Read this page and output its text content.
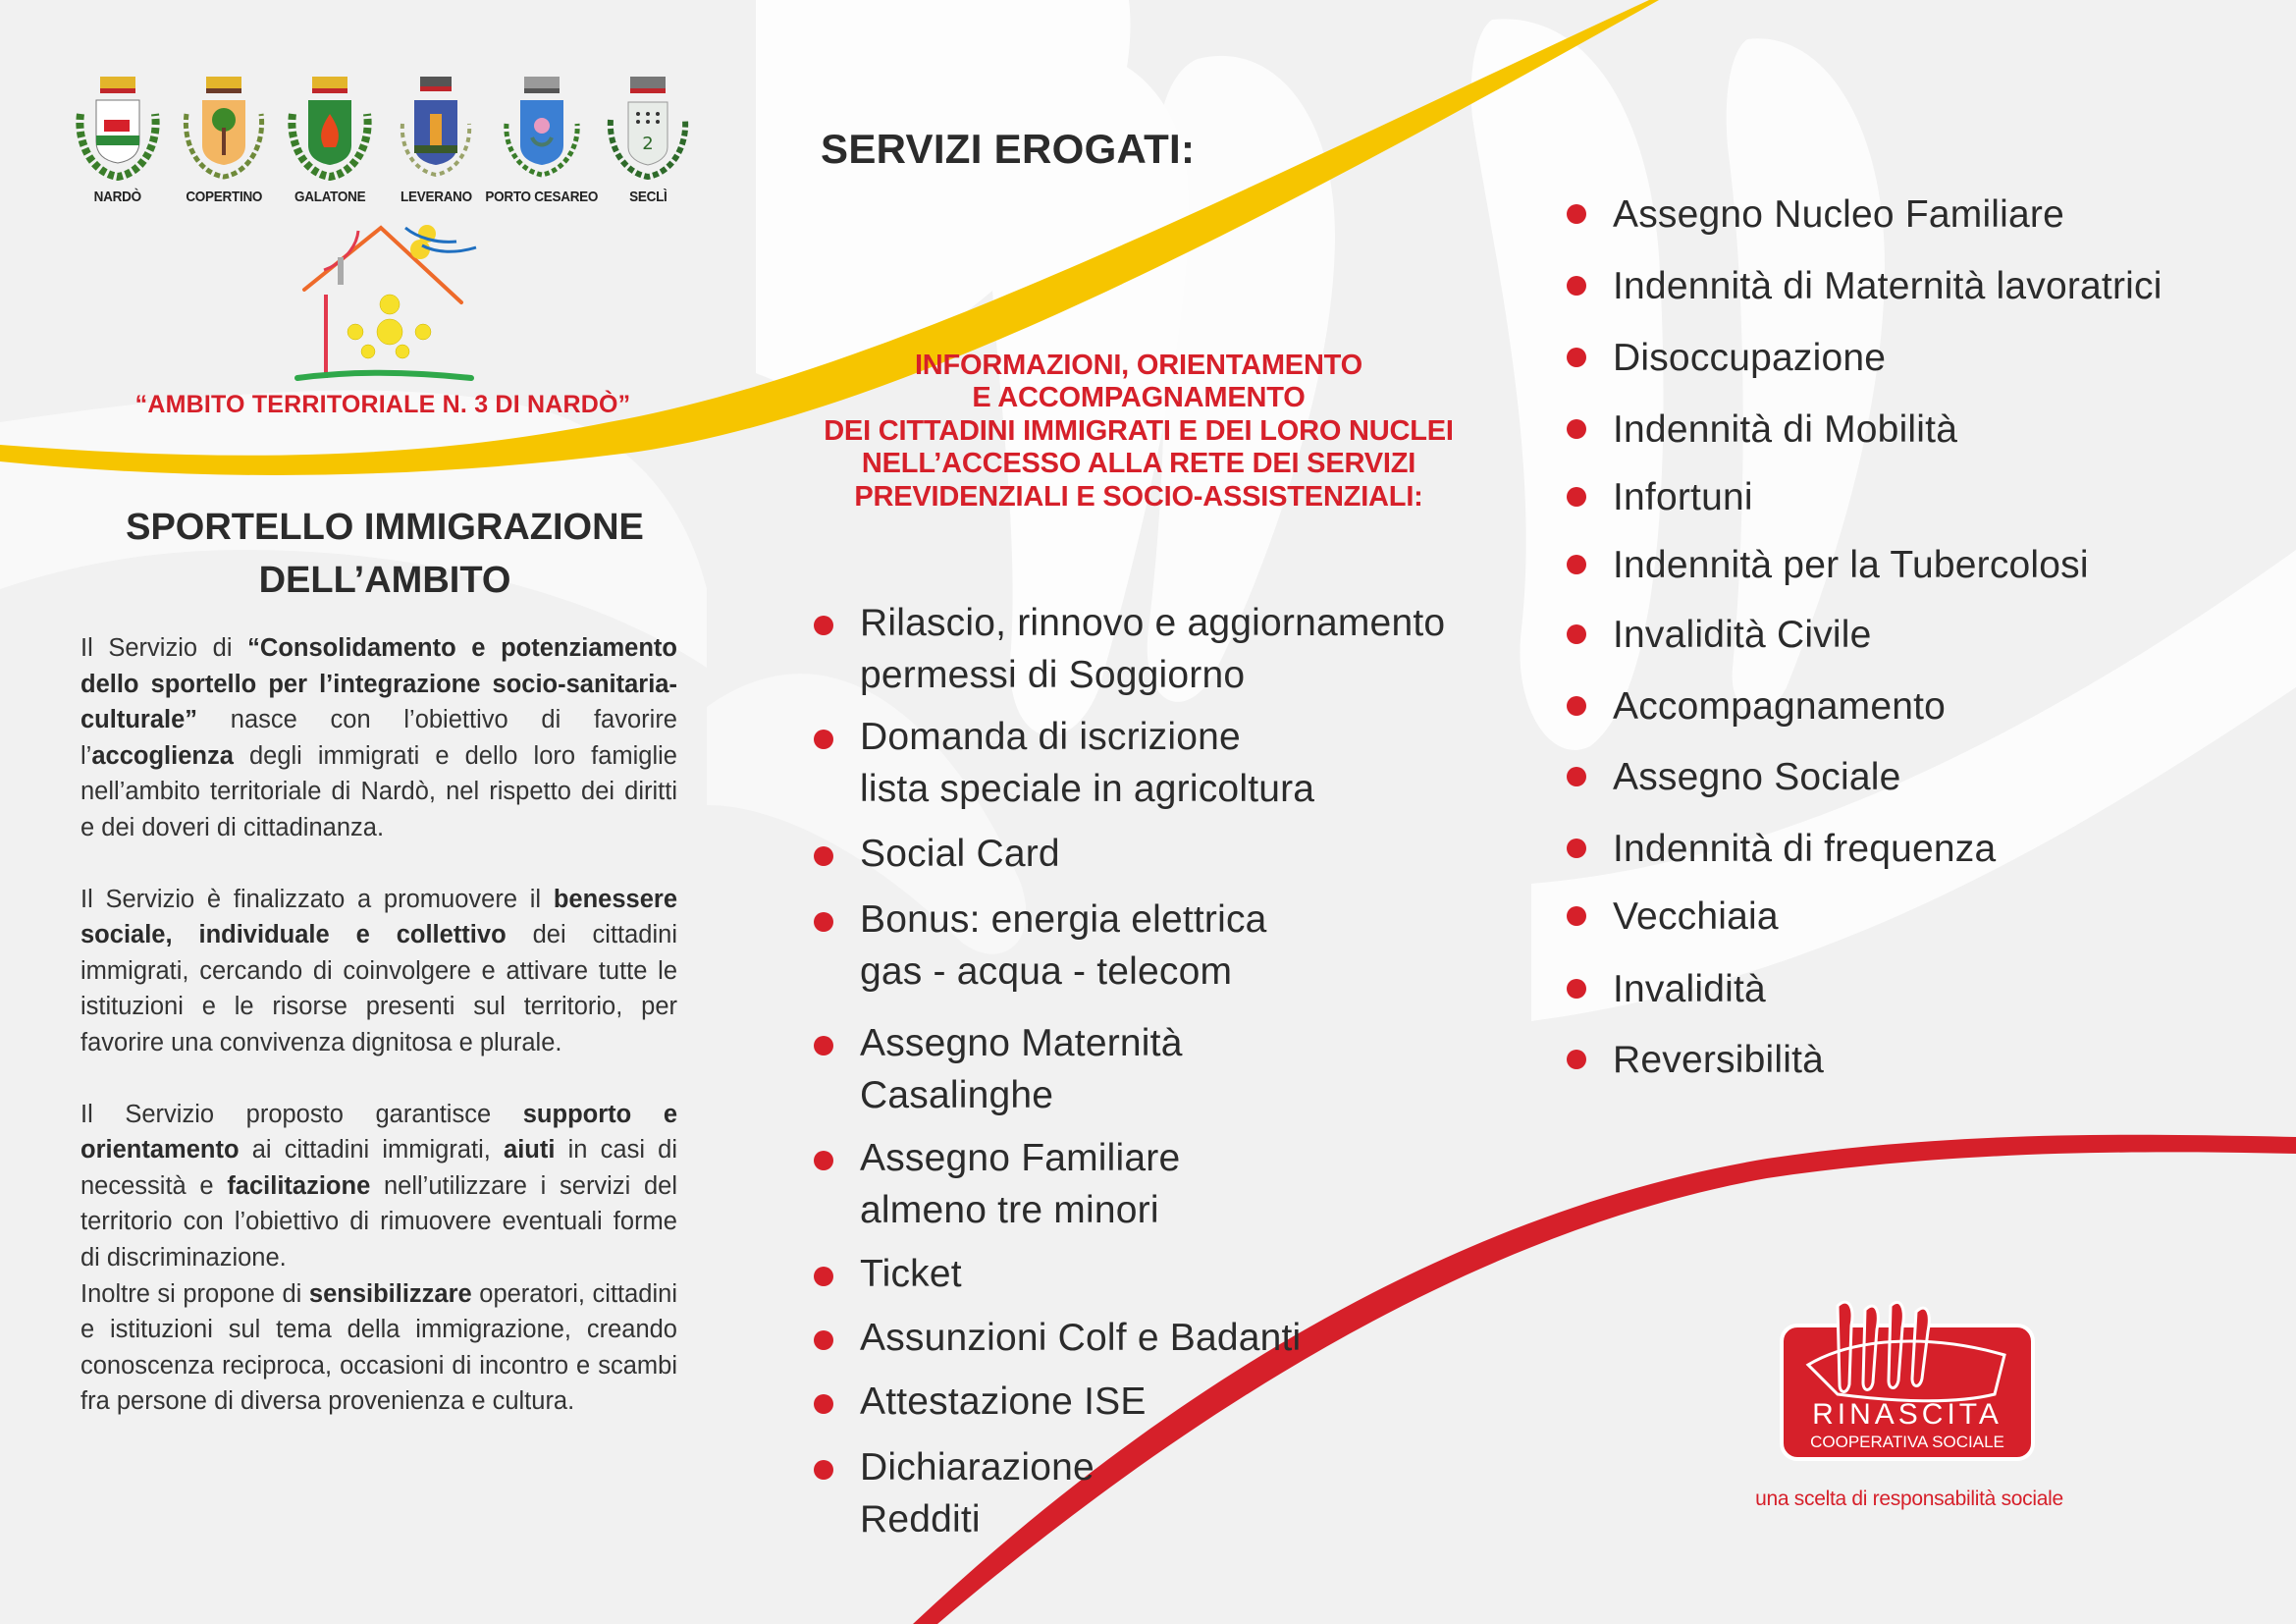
NARDÒ	COPERTINO GALATONE LEVERANO PORTO CESAREO
2
SECLÌ
“AMBITO TERRITORIALE N. 3 DI NARDÒ”
SPORTELLO IMMIGRAZIONE
DELL’AMBITO

Il Servizio di “Consolidamento e potenziamento dello sportello per l’integrazione socio-sanitaria-culturale” nasce con l’obiettivo di favorire l’accoglienza degli immigrati e dello loro famiglie nell’ambito territoriale di Nardò, nel rispetto dei diritti e dei doveri di cittadinanza.

Il Servizio è finalizzato a promuovere il benessere sociale, individuale e collettivo dei cittadini immigrati, cercando di coinvolgere e attivare tutte le istituzioni e le risorse presenti sul territorio, per favorire una convivenza dignitosa e plurale.

Il Servizio proposto garantisce supporto e orientamento ai cittadini immigrati, aiuti in casi di necessità e facilitazione nell’utilizzare i servizi del territorio con l’obiettivo di rimuovere eventuali forme di discriminazione.

Inoltre si propone di sensibilizzare operatori, cittadini e istituzioni sul tema della immigrazione, creando conoscenza reciproca, occasioni di incontro e scambi fra persone di diversa provenienza e cultura.

SERVIZI EROGATI:
INFORMAZIONI, ORIENTAMENTO
E ACCOMPAGNAMENTO
DEI CITTADINI IMMIGRATI E DEI LORO NUCLEI
NELL’ACCESSO ALLA RETE DEI SERVIZI
PREVIDENZIALI E SOCIO-ASSISTENZIALI:
Rilascio, rinnovo e aggiornamento
permessi di Soggiorno
Domanda di iscrizione
lista speciale in agricoltura
Social Card
Bonus: energia elettrica
gas - acqua - telecom
Assegno Maternità
Casalinghe
Assegno Familiare
almeno tre minori
Ticket
Assunzioni Colf e Badanti
Attestazione ISE
Dichiarazione
Redditi
Assegno Nucleo Familiare
Indennità di Maternità lavoratrici
Disoccupazione
Indennità di Mobilità
Infortuni
Indennità per la Tubercolosi
Invalidità Civile
Accompagnamento
Assegno Sociale
Indennità di frequenza
Vecchiaia
Invalidità
Reversibilità
RINASCITA
COOPERATIVA SOCIALE
una scelta di responsabilità sociale
